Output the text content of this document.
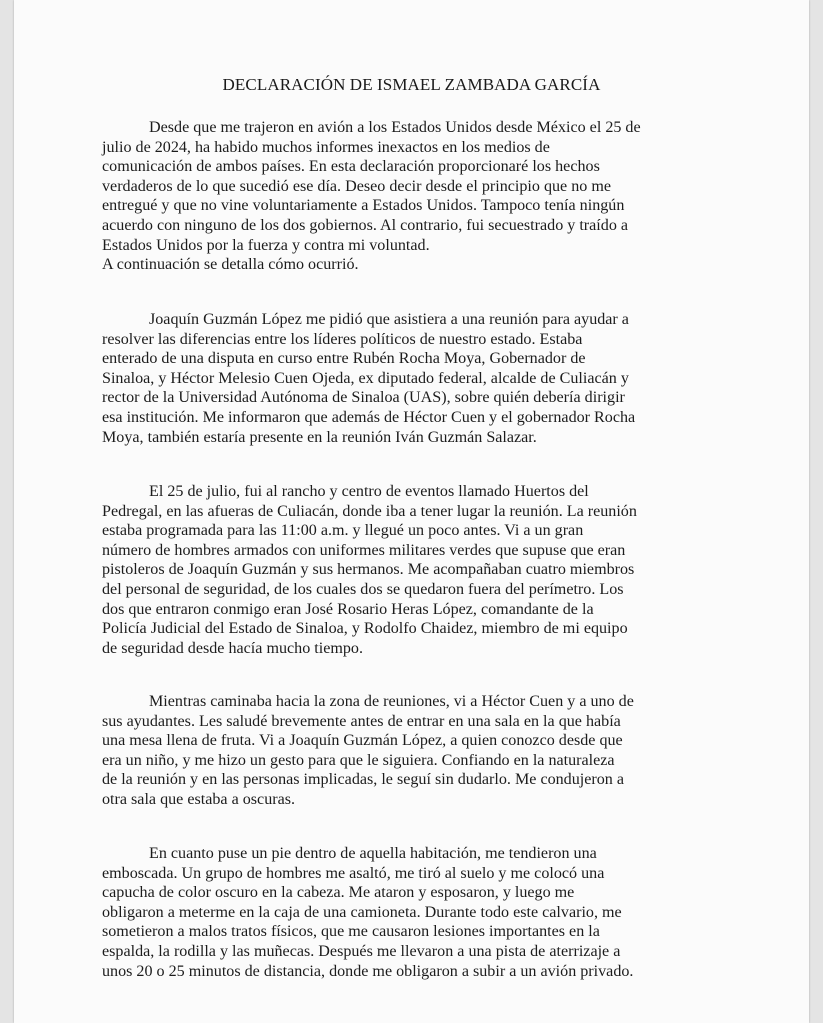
DECLARACIÓN DE ISMAEL ZAMBADA GARCÍA

Desde que me trajeron en avión a los Estados Unidos desde México el 25 de
julio de 2024, ha habido muchos informes inexactos en los medios de
comunicación de ambos países. En esta declaración proporcionaré los hechos
verdaderos de lo que sucedió ese día. Deseo decir desde el principio que no me
entregué y que no vine voluntariamente a Estados Unidos. Tampoco tenía ningún
acuerdo con ninguno de los dos gobiernos. Al contrario, fui secuestrado y traído a
Estados Unidos por la fuerza y contra mi voluntad.
A continuación se detalla cómo ocurrió.

Joaquín Guzmán López me pidió que asistiera a una reunión para ayudar a
resolver las diferencias entre los líderes políticos de nuestro estado. Estaba
enterado de una disputa en curso entre Rubén Rocha Moya, Gobernador de
Sinaloa, y Héctor Melesio Cuen Ojeda, ex diputado federal, alcalde de Culiacán y
rector de la Universidad Autónoma de Sinaloa (UAS), sobre quién debería dirigir
esa institución. Me informaron que además de Héctor Cuen y el gobernador Rocha
Moya, también estaría presente en la reunión Iván Guzmán Salazar.

El 25 de julio, fui al rancho y centro de eventos llamado Huertos del
Pedregal, en las afueras de Culiacán, donde iba a tener lugar la reunión. La reunión
estaba programada para las 11:00 a.m. y llegué un poco antes. Vi a un gran
número de hombres armados con uniformes militares verdes que supuse que eran
pistoleros de Joaquín Guzmán y sus hermanos. Me acompañaban cuatro miembros
del personal de seguridad, de los cuales dos se quedaron fuera del perímetro. Los
dos que entraron conmigo eran José Rosario Heras López, comandante de la
Policía Judicial del Estado de Sinaloa, y Rodolfo Chaidez, miembro de mi equipo
de seguridad desde hacía mucho tiempo.

Mientras caminaba hacia la zona de reuniones, vi a Héctor Cuen y a uno de
sus ayudantes. Les saludé brevemente antes de entrar en una sala en la que había
una mesa llena de fruta. Vi a Joaquín Guzmán López, a quien conozco desde que
era un niño, y me hizo un gesto para que le siguiera. Confiando en la naturaleza
de la reunión y en las personas implicadas, le seguí sin dudarlo. Me condujeron a
otra sala que estaba a oscuras.

En cuanto puse un pie dentro de aquella habitación, me tendieron una
emboscada. Un grupo de hombres me asaltó, me tiró al suelo y me colocó una
capucha de color oscuro en la cabeza. Me ataron y esposaron, y luego me
obligaron a meterme en la caja de una camioneta. Durante todo este calvario, me
sometieron a malos tratos físicos, que me causaron lesiones importantes en la
espalda, la rodilla y las muñecas. Después me llevaron a una pista de aterrizaje a
unos 20 o 25 minutos de distancia, donde me obligaron a subir a un avión privado.
